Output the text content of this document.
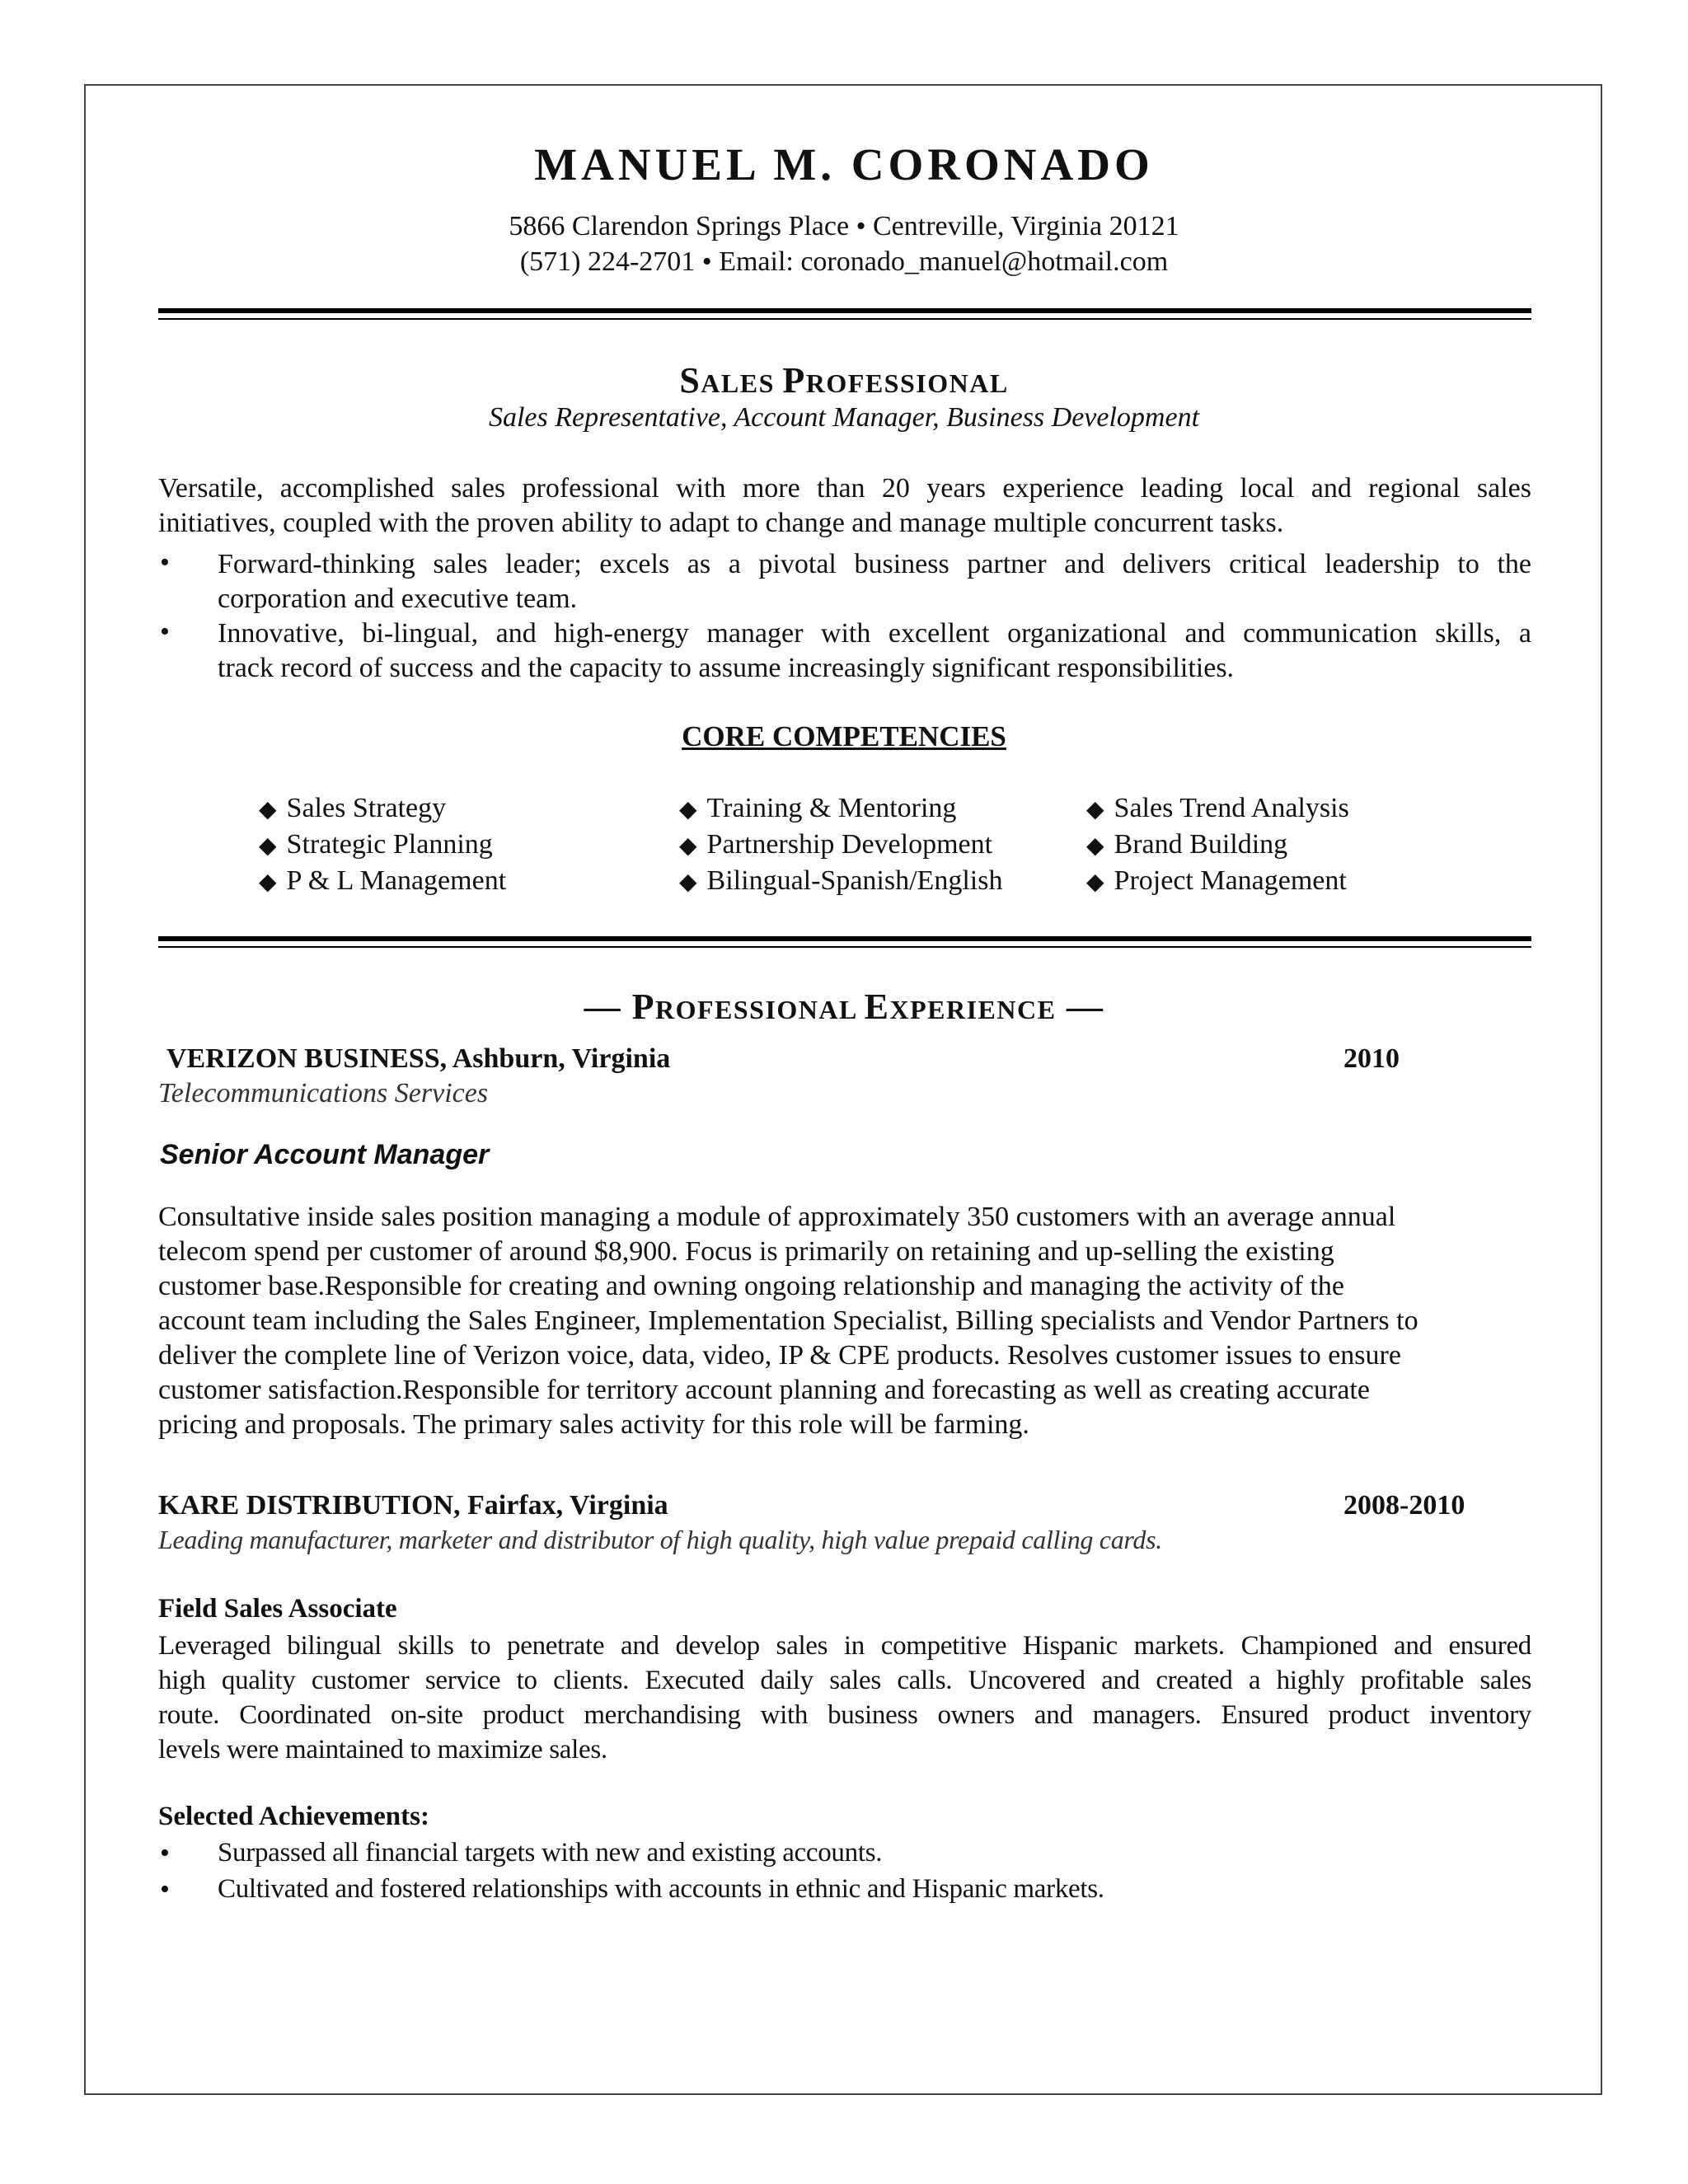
MANUEL M. CORONADO
5866 Clarendon Springs Place • Centreville, Virginia 20121
(571) 224-2701 • Email: coronado_manuel@hotmail.com
SALES PROFESSIONAL
Sales Representative, Account Manager, Business Development
Versatile, accomplished sales professional with more than 20 years experience leading local and regional sales
initiatives, coupled with the proven ability to adapt to change and manage multiple concurrent tasks.
• Forward-thinking sales leader; excels as a pivotal business partner and delivers critical leadership to the
corporation and executive team.
• Innovative, bi-lingual, and high-energy manager with excellent organizational and communication skills, a
track record of success and the capacity to assume increasingly significant responsibilities.
CORE COMPETENCIES
◆ Sales Strategy
◆ Strategic Planning
◆ P & L Management
◆ Training & Mentoring
◆ Partnership Development
◆ Bilingual-Spanish/English
◆ Sales Trend Analysis
◆ Brand Building
◆ Project Management
— PROFESSIONAL EXPERIENCE —
VERIZON BUSINESS, Ashburn, Virginia	2010
Telecommunications Services
Senior Account Manager
Consultative inside sales position managing a module of approximately 350 customers with an average annual
telecom spend per customer of around $8,900. Focus is primarily on retaining and up-selling the existing
customer base.Responsible for creating and owning ongoing relationship and managing the activity of the
account team including the Sales Engineer, Implementation Specialist, Billing specialists and Vendor Partners to
deliver the complete line of Verizon voice, data, video, IP & CPE products. Resolves customer issues to ensure
customer satisfaction.Responsible for territory account planning and forecasting as well as creating accurate
pricing and proposals. The primary sales activity for this role will be farming.
KARE DISTRIBUTION, Fairfax, Virginia	2008-2010
Leading manufacturer, marketer and distributor of high quality, high value prepaid calling cards.
Field Sales Associate
Leveraged bilingual skills to penetrate and develop sales in competitive Hispanic markets. Championed and ensured
high quality customer service to clients. Executed daily sales calls. Uncovered and created a highly profitable sales
route. Coordinated on-site product merchandising with business owners and managers. Ensured product inventory
levels were maintained to maximize sales.
Selected Achievements:
• Surpassed all financial targets with new and existing accounts.
• Cultivated and fostered relationships with accounts in ethnic and Hispanic markets.
